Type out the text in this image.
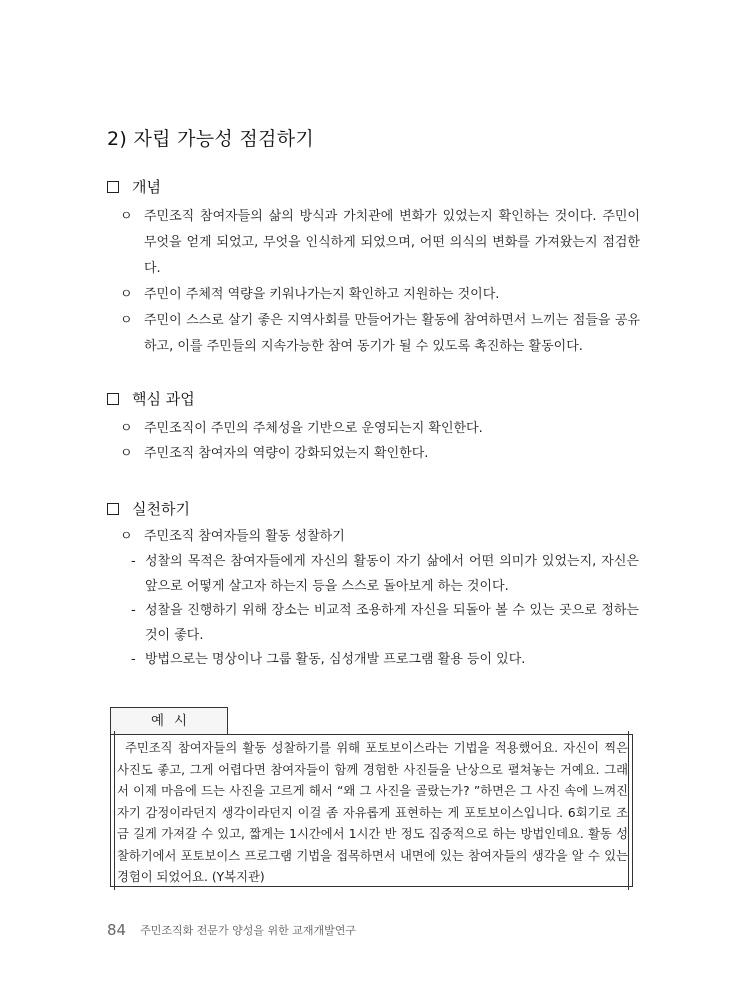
2) 자립 가능성 점검하기
개념
ㅇ 주민조직 참여자들의 삶의 방식과 가치관에 변화가 있었는지 확인하는 것이다. 주민이 무엇을 얻게 되었고, 무엇을 인식하게 되었으며, 어떤 의식의 변화를 가져왔는지 점검한다.
ㅇ 주민이 주체적 역량을 키워나가는지 확인하고 지원하는 것이다.
ㅇ 주민이 스스로 살기 좋은 지역사회를 만들어가는 활동에 참여하면서 느끼는 점들을 공유하고, 이를 주민들의 지속가능한 참여 동기가 될 수 있도록 촉진하는 활동이다.
핵심 과업
ㅇ 주민조직이 주민의 주체성을 기반으로 운영되는지 확인한다.
ㅇ 주민조직 참여자의 역량이 강화되었는지 확인한다.
실천하기
ㅇ 주민조직 참여자들의 활동 성찰하기
- 성찰의 목적은 참여자들에게 자신의 활동이 자기 삶에서 어떤 의미가 있었는지, 자신은 앞으로 어떻게 살고자 하는지 등을 스스로 돌아보게 하는 것이다.
- 성찰을 진행하기 위해 장소는 비교적 조용하게 자신을 되돌아 볼 수 있는 곳으로 정하는 것이 좋다.
- 방법으로는 명상이나 그룹 활동, 심성개발 프로그램 활용 등이 있다.
예시
주민조직 참여자들의 활동 성찰하기를 위해 포토보이스라는 기법을 적용했어요. 자신이 찍은 사진도 좋고, 그게 어렵다면 참여자들이 함께 경험한 사진들을 난상으로 펼쳐놓는 거예요. 그래서 이제 마음에 드는 사진을 고르게 해서 “왜 그 사진을 골랐는가? ”하면은 그 사진 속에 느껴진 자기 감정이라던지 생각이라던지 이걸 좀 자유롭게 표현하는 게 포토보이스입니다. 6회기로 조금 길게 가져갈 수 있고, 짧게는 1시간에서 1시간 반 정도 집중적으로 하는 방법인데요. 활동 성찰하기에서 포토보이스 프로그램 기법을 접목하면서 내면에 있는 참여자들의 생각을 알 수 있는 경험이 되었어요. (Y복지관)
84 주민조직화 전문가 양성을 위한 교재개발연구
